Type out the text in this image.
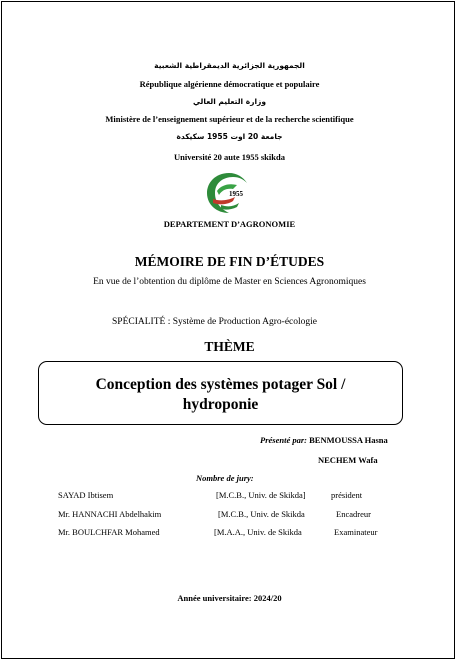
الجمهورية الجزائرية الديمقراطية الشعبية
République algérienne démocratique et populaire
وزارة التعليم العالي
Ministère de l’enseignement supérieur et de la recherche scientifique
جامعة 20 اوت 1955 سكيكدة
Université 20 aute 1955 skikda
1955
DEPARTEMENT D’AGRONOMIE
MÉMOIRE DE FIN D’ÉTUDES
En vue de l’obtention du diplôme de Master en Sciences Agronomiques
SPÉCIALITÉ : Système de Production Agro-écologie
THÈME
Conception des systèmes potager Sol /
hydroponie
Présenté par: BENMOUSSA Hasna
NECHEM Wafa
Nombre de jury:
SAYAD Ibtisem	[M.C.B., Univ. de Skikda]	président
Mr. HANNACHI Abdelhakim	[M.C.B., Univ. de Skikda	Encadreur
Mr. BOULCHFAR Mohamed	[M.A.A., Univ. de Skikda	Examinateur
Année universitaire: 2024/20
